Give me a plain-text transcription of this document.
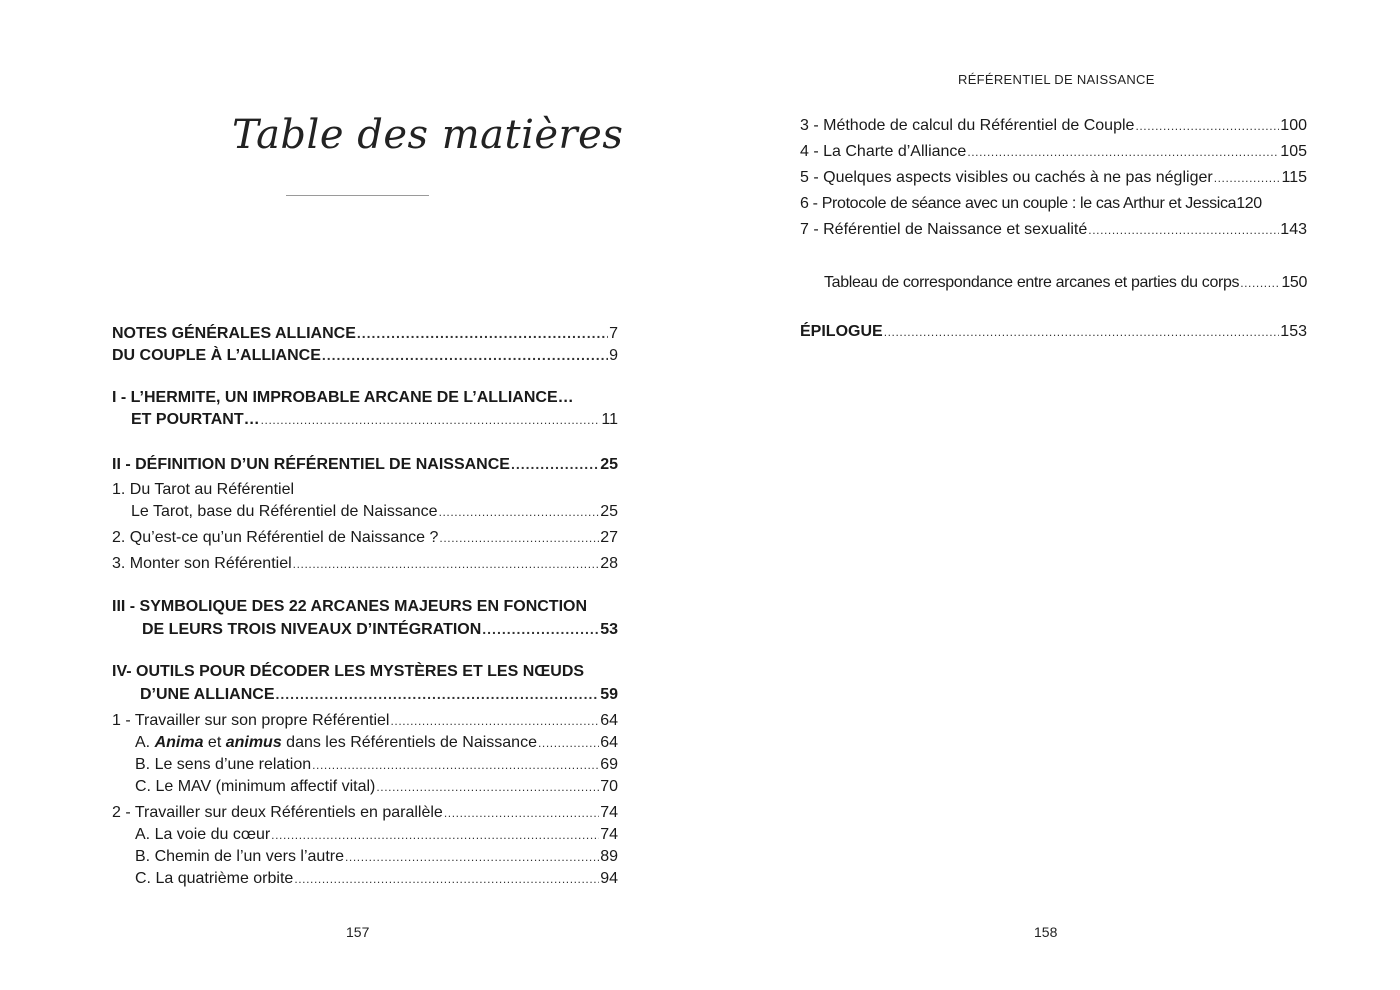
Table des matières
NOTES GÉNÉRALES ALLIANCE .....	7
DU COUPLE À L’ALLIANCE .....	9
I - L’HERMITE, UN IMPROBABLE ARCANE DE L’ALLIANCE…
ET POURTANT… .....	11
II - DÉFINITION D’UN RÉFÉRENTIEL DE NAISSANCE .....	25
1. Du Tarot au Référentiel
Le Tarot, base du Référentiel de Naissance .....	25
2. Qu’est-ce qu’un Référentiel de Naissance ? .....	27
3. Monter son Référentiel .....	28
III - SYMBOLIQUE DES 22 ARCANES MAJEURS EN FONCTION
DE LEURS TROIS NIVEAUX D’INTÉGRATION .....	53
IV- OUTILS POUR DÉCODER LES MYSTÈRES ET LES NŒUDS
D’UNE ALLIANCE .....	59
1 - Travailler sur son propre Référentiel .....	64
A. Anima et animus dans les Référentiels de Naissance .....	64
B. Le sens d’une relation .....	69
C. Le MAV (minimum affectif vital) .....	70
2 - Travailler sur deux Référentiels en parallèle .....	74
A. La voie du cœur .....	74
B. Chemin de l’un vers l’autre .....	89
C. La quatrième orbite .....	94
157
RÉFÉRENTIEL DE NAISSANCE
3 - Méthode de calcul du Référentiel de Couple .....	100
4 - La Charte d’Alliance .....	105
5 - Quelques aspects visibles ou cachés à ne pas négliger .....	115
6 - Protocole de séance avec un couple : le cas Arthur et Jessica 120
7 - Référentiel de Naissance et sexualité .....	143
Tableau de correspondance entre arcanes et parties du corps .....	150
ÉPILOGUE .....	153
158
